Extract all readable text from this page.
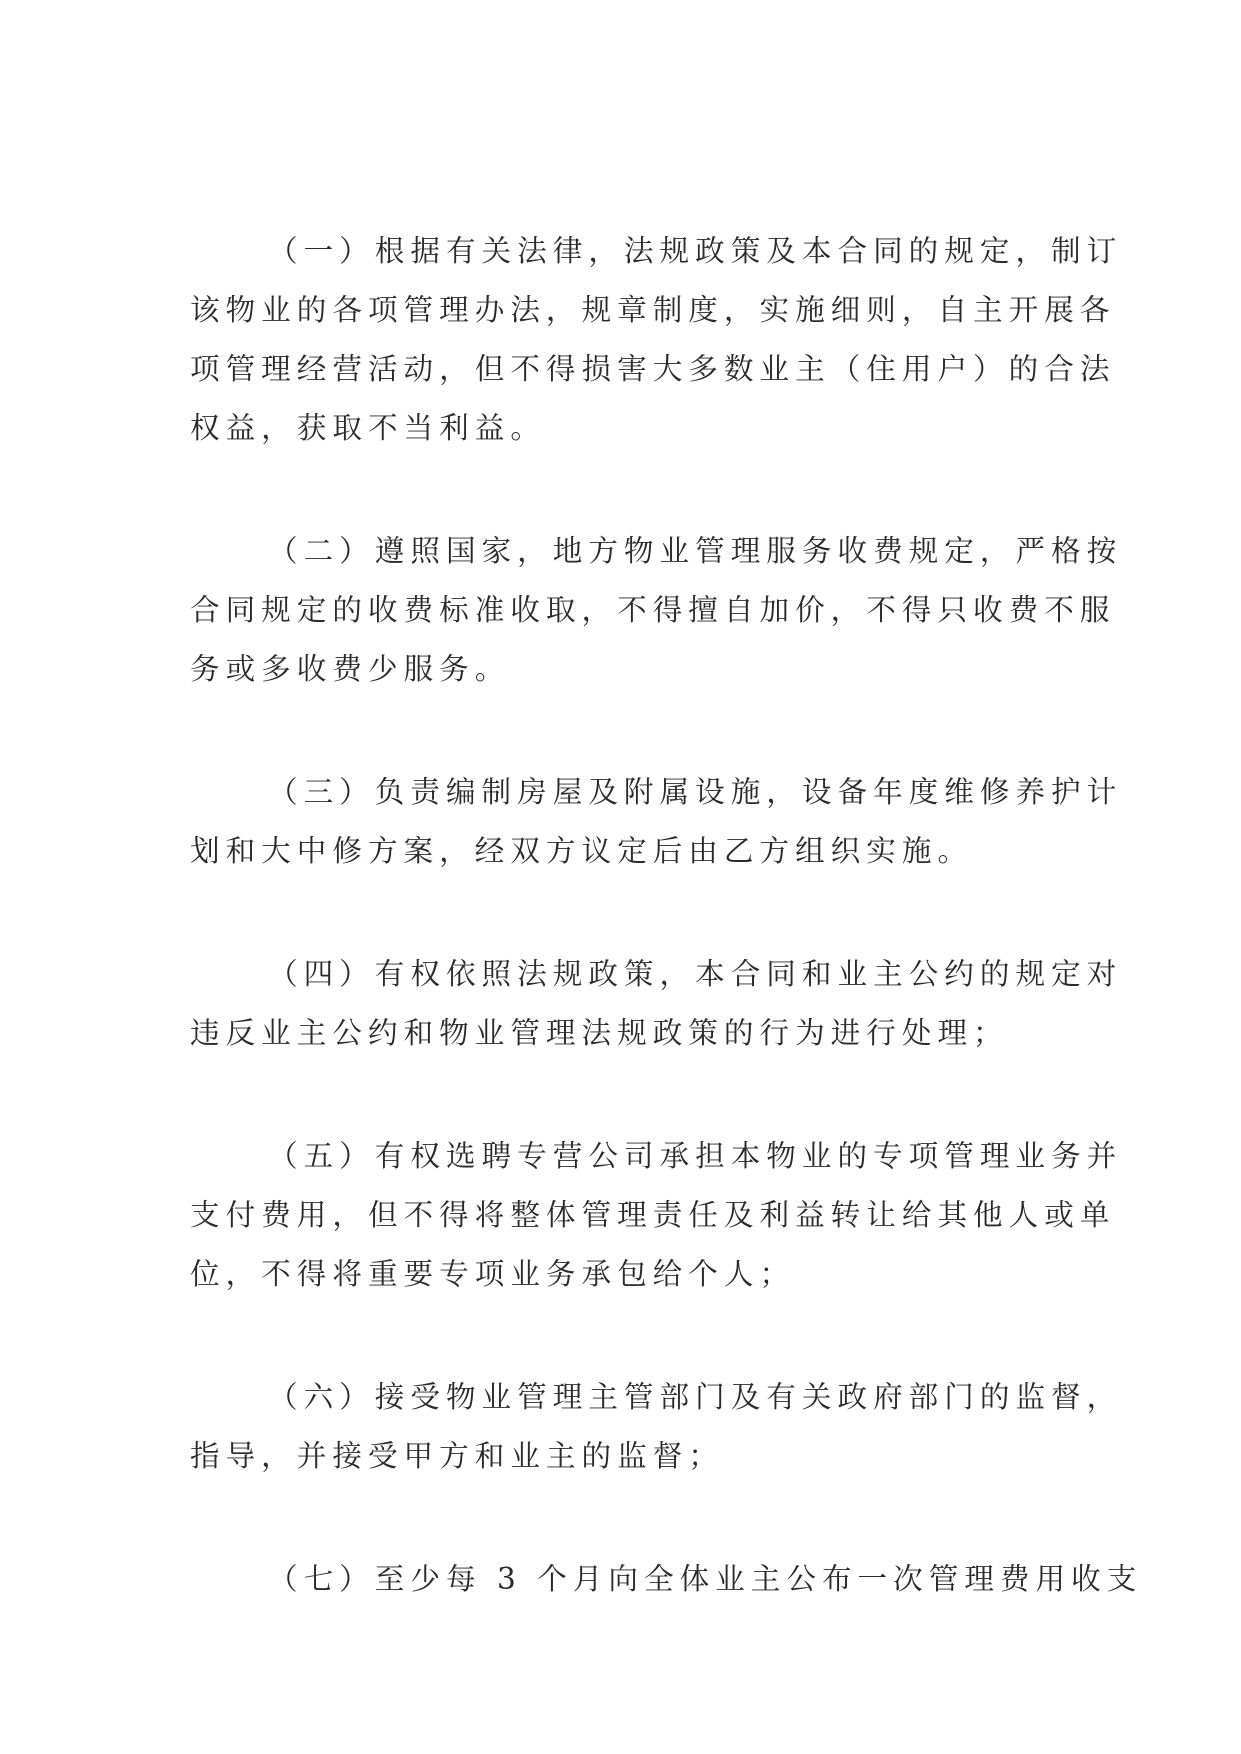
（一）根据有关法律，法规政策及本合同的规定，制订
该物业的各项管理办法，规章制度，实施细则，自主开展各
项管理经营活动，但不得损害大多数业主（住用户）的合法
权益，获取不当利益。

（二）遵照国家，地方物业管理服务收费规定，严格按
合同规定的收费标准收取，不得擅自加价，不得只收费不服
务或多收费少服务。

（三）负责编制房屋及附属设施，设备年度维修养护计
划和大中修方案，经双方议定后由乙方组织实施。

（四）有权依照法规政策，本合同和业主公约的规定对
违反业主公约和物业管理法规政策的行为进行处理；

（五）有权选聘专营公司承担本物业的专项管理业务并
支付费用，但不得将整体管理责任及利益转让给其他人或单
位，不得将重要专项业务承包给个人；

（六）接受物业管理主管部门及有关政府部门的监督，
指导，并接受甲方和业主的监督；

（七）至少每 3 个月向全体业主公布一次管理费用收支
